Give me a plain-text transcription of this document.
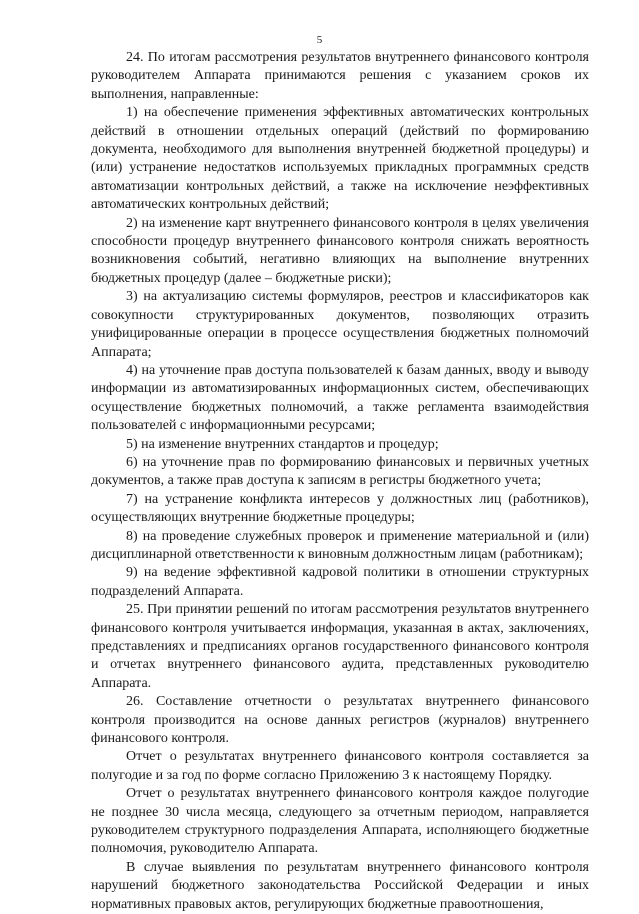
5

24. По итогам рассмотрения результатов внутреннего финансового контроля руководителем Аппарата принимаются решения с указанием сроков их выполнения, направленные:

1) на обеспечение применения эффективных автоматических контрольных действий в отношении отдельных операций (действий по формированию документа, необходимого для выполнения внутренней бюджетной процедуры) и (или) устранение недостатков используемых прикладных программных средств автоматизации контрольных действий, а также на исключение неэффективных автоматических контрольных действий;

2) на изменение карт внутреннего финансового контроля в целях увеличения способности процедур внутреннего финансового контроля снижать вероятность возникновения событий, негативно влияющих на выполнение внутренних бюджетных процедур (далее – бюджетные риски);

3) на актуализацию системы формуляров, реестров и классификаторов как совокупности структурированных документов, позволяющих отразить унифицированные операции в процессе осуществления бюджетных полномочий Аппарата;

4) на уточнение прав доступа пользователей к базам данных, вводу и выводу информации из автоматизированных информационных систем, обеспечивающих осуществление бюджетных полномочий, а также регламента взаимодействия пользователей с информационными ресурсами;

5) на изменение внутренних стандартов и процедур;

6) на уточнение прав по формированию финансовых и первичных учетных документов, а также прав доступа к записям в регистры бюджетного учета;

7) на устранение конфликта интересов у должностных лиц (работников), осуществляющих внутренние бюджетные процедуры;

8) на проведение служебных проверок и применение материальной и (или) дисциплинарной ответственности к виновным должностным лицам (работникам);

9) на ведение эффективной кадровой политики в отношении структурных подразделений Аппарата.

25. При принятии решений по итогам рассмотрения результатов внутреннего финансового контроля учитывается информация, указанная в актах, заключениях, представлениях и предписаниях органов государственного финансового контроля и отчетах внутреннего финансового аудита, представленных руководителю Аппарата.

26. Составление отчетности о результатах внутреннего финансового контроля производится на основе данных регистров (журналов) внутреннего финансового контроля.

Отчет о результатах внутреннего финансового контроля составляется за полугодие и за год по форме согласно Приложению 3 к настоящему Порядку.

Отчет о результатах внутреннего финансового контроля каждое полугодие не позднее 30 числа месяца, следующего за отчетным периодом, направляется руководителем структурного подразделения Аппарата, исполняющего бюджетные полномочия, руководителю Аппарата.

В случае выявления по результатам внутреннего финансового контроля нарушений бюджетного законодательства Российской Федерации и иных нормативных правовых актов, регулирующих бюджетные правоотношения,
